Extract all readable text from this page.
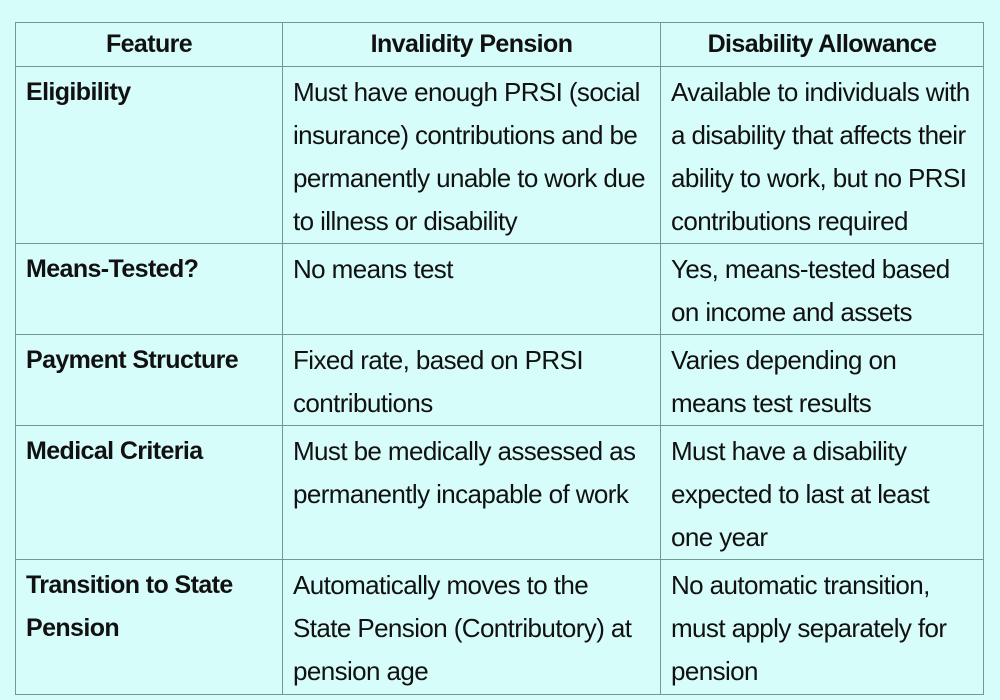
Feature	Invalidity Pension	Disability Allowance
Eligibility	Must have enough PRSI (social insurance) contributions and be permanently unable to work due to illness or disability	Available to individuals with a disability that affects their ability to work, but no PRSI contributions required
Means-Tested?	No means test	Yes, means-tested based on income and assets
Payment Structure	Fixed rate, based on PRSI contributions	Varies depending on means test results
Medical Criteria	Must be medically assessed as permanently incapable of work	Must have a disability expected to last at least one year
Transition to State Pension	Automatically moves to the State Pension (Contributory) at pension age	No automatic transition, must apply separately for pension
